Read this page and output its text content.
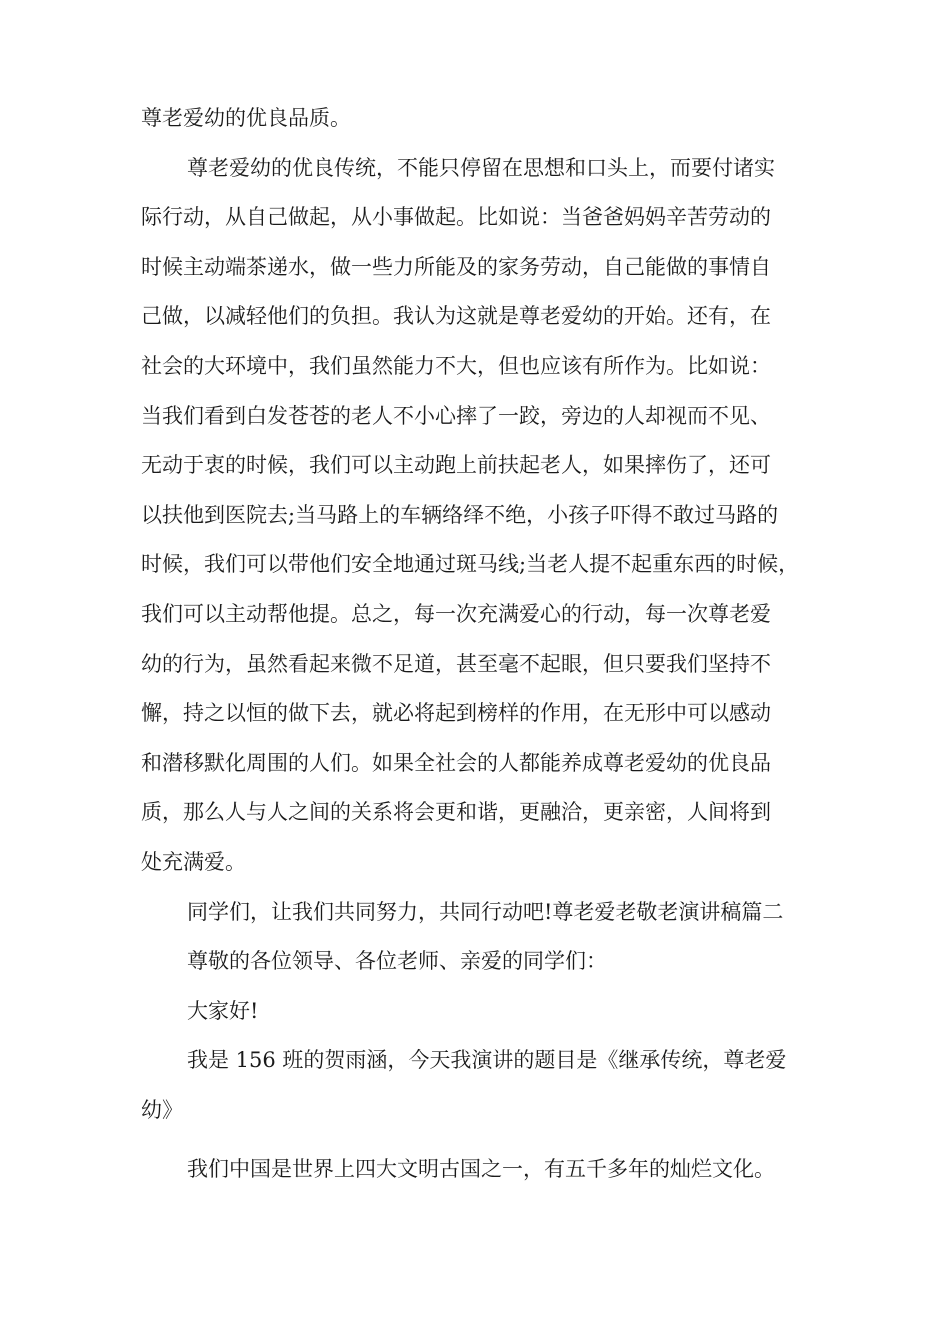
尊老爱幼的优良品质。
尊老爱幼的优良传统，不能只停留在思想和口头上，而要付诸实
际行动，从自己做起，从小事做起。比如说：当爸爸妈妈辛苦劳动的
时候主动端茶递水，做一些力所能及的家务劳动，自己能做的事情自
己做，以减轻他们的负担。我认为这就是尊老爱幼的开始。还有，在
社会的大环境中，我们虽然能力不大，但也应该有所作为。比如说：
当我们看到白发苍苍的老人不小心摔了一跤，旁边的人却视而不见、
无动于衷的时候，我们可以主动跑上前扶起老人，如果摔伤了，还可
以扶他到医院去;当马路上的车辆络绎不绝，小孩子吓得不敢过马路的
时候，我们可以带他们安全地通过斑马线;当老人提不起重东西的时候，
我们可以主动帮他提。总之，每一次充满爱心的行动，每一次尊老爱
幼的行为，虽然看起来微不足道，甚至毫不起眼，但只要我们坚持不
懈，持之以恒的做下去，就必将起到榜样的作用，在无形中可以感动
和潜移默化周围的人们。如果全社会的人都能养成尊老爱幼的优良品
质，那么人与人之间的关系将会更和谐，更融洽，更亲密，人间将到
处充满爱。
同学们，让我们共同努力，共同行动吧!尊老爱老敬老演讲稿篇二
尊敬的各位领导、各位老师、亲爱的同学们：
大家好!
我是 156 班的贺雨涵，今天我演讲的题目是《继承传统，尊老爱
幼》
我们中国是世界上四大文明古国之一，有五千多年的灿烂文化。
